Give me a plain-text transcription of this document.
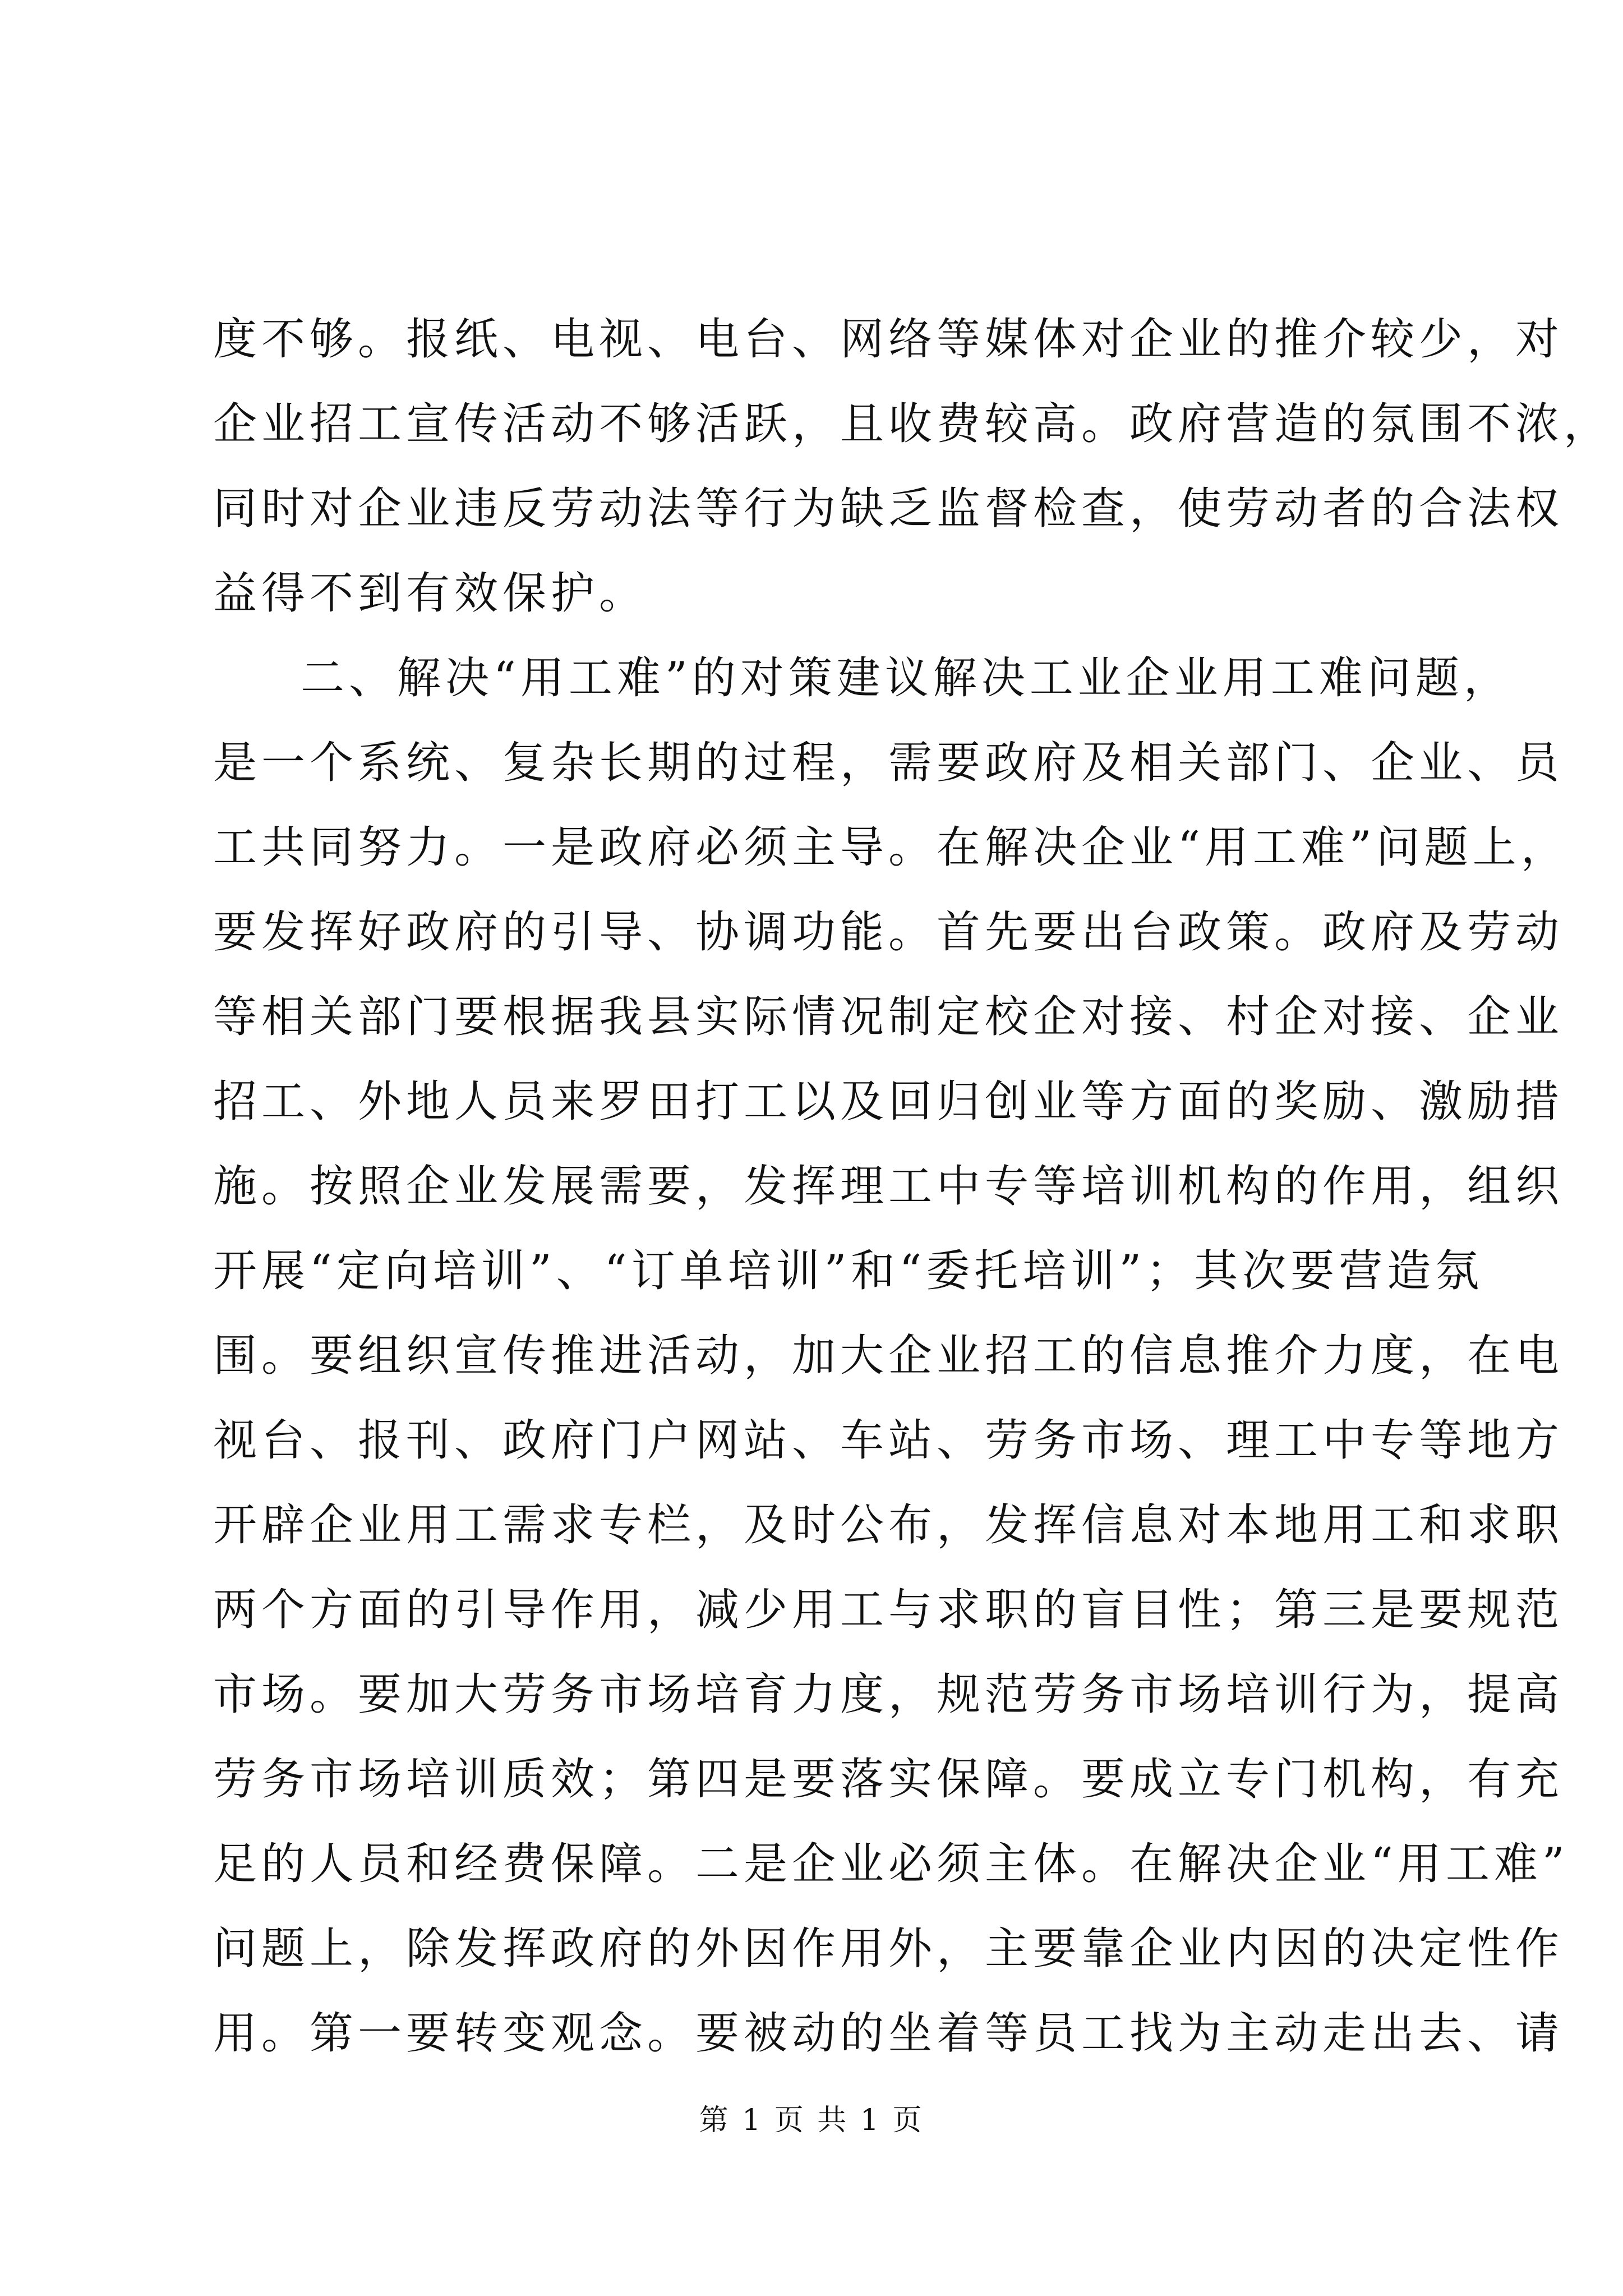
度不够。报纸、电视、电台、网络等媒体对企业的推介较少，对
企业招工宣传活动不够活跃，且收费较高。政府营造的氛围不浓，
同时对企业违反劳动法等行为缺乏监督检查，使劳动者的合法权
益得不到有效保护。
二、解决“用工难”的对策建议解决工业企业用工难问题，
是一个系统、复杂长期的过程，需要政府及相关部门、企业、员
工共同努力。一是政府必须主导。在解决企业“用工难”问题上，
要发挥好政府的引导、协调功能。首先要出台政策。政府及劳动
等相关部门要根据我县实际情况制定校企对接、村企对接、企业
招工、外地人员来罗田打工以及回归创业等方面的奖励、激励措
施。按照企业发展需要，发挥理工中专等培训机构的作用，组织
开展“定向培训”、“订单培训”和“委托培训”；其次要营造氛
围。要组织宣传推进活动，加大企业招工的信息推介力度，在电
视台、报刊、政府门户网站、车站、劳务市场、理工中专等地方
开辟企业用工需求专栏，及时公布，发挥信息对本地用工和求职
两个方面的引导作用，减少用工与求职的盲目性；第三是要规范
市场。要加大劳务市场培育力度，规范劳务市场培训行为，提高
劳务市场培训质效；第四是要落实保障。要成立专门机构，有充
足的人员和经费保障。二是企业必须主体。在解决企业“用工难”
问题上，除发挥政府的外因作用外，主要靠企业内因的决定性作
用。第一要转变观念。要被动的坐着等员工找为主动走出去、请
第 1 页 共 1 页
